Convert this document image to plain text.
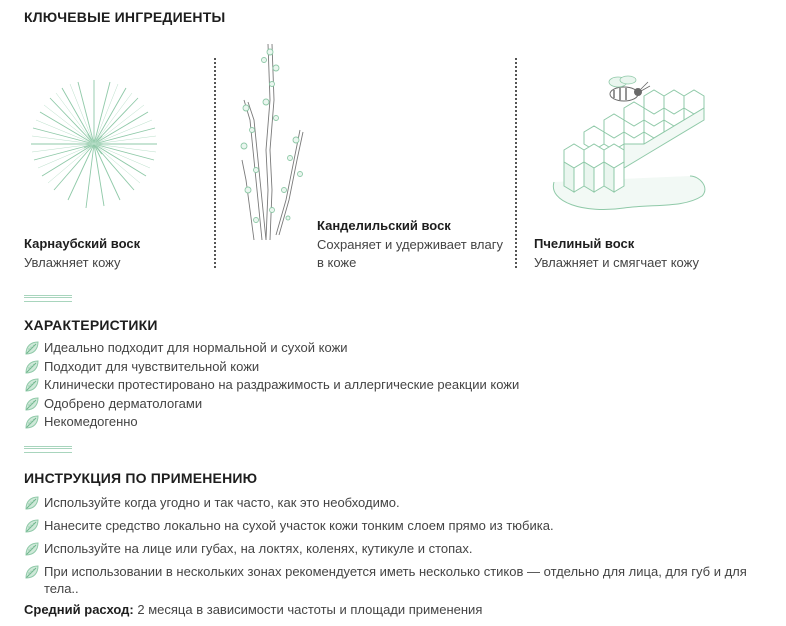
КЛЮЧЕВЫЕ ИНГРЕДИЕНТЫ
Карнаубский воск
Увлажняет кожу
Канделильский воск
Сохраняет и удерживает влагу в коже
Пчелиный воск
Увлажняет и смягчает кожу
ХАРАКТЕРИСТИКИ
Идеально подходит для нормальной и сухой кожи
Подходит для чувствительной кожи
Клинически протестировано на раздражимость и аллергические реакции кожи
Одобрено дерматологами
Некомедогенно
ИНСТРУКЦИЯ ПО ПРИМЕНЕНИЮ
Используйте когда угодно и так часто, как это необходимо.
Нанесите средство локально на сухой участок кожи тонким слоем прямо из тюбика.
Используйте на лице или губах, на локтях, коленях, кутикуле и стопах.
При использовании в нескольких зонах рекомендуется иметь несколько стиков — отдельно для лица, для губ и для тела..
Средний расход: 2 месяца в зависимости частоты и площади применения
